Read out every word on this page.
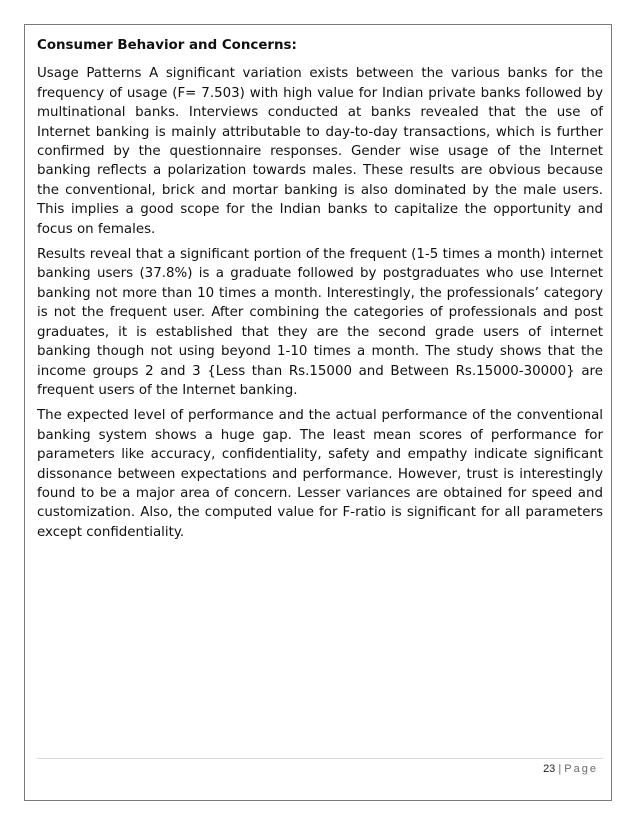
Consumer Behavior and Concerns:

Usage Patterns A significant variation exists between the various banks for the frequency of usage (F= 7.503) with high value for Indian private banks followed by multinational banks. Interviews conducted at banks revealed that the use of Internet banking is mainly attributable to day-to-day transactions, which is further confirmed by the questionnaire responses. Gender wise usage of the Internet banking reflects a polarization towards males. These results are obvious because the conventional, brick and mortar banking is also dominated by the male users. This implies a good scope for the Indian banks to capitalize the opportunity and focus on females.

Results reveal that a significant portion of the frequent (1-5 times a month) internet banking users (37.8%) is a graduate followed by postgraduates who use Internet banking not more than 10 times a month. Interestingly, the professionals’ category is not the frequent user. After combining the categories of professionals and post graduates, it is established that they are the second grade users of internet banking though not using beyond 1-10 times a month. The study shows that the income groups 2 and 3 {Less than Rs.15000 and Between Rs.15000-30000} are frequent users of the Internet banking.

The expected level of performance and the actual performance of the conventional banking system shows a huge gap. The least mean scores of performance for parameters like accuracy, confidentiality, safety and empathy indicate significant dissonance between expectations and performance. However, trust is interestingly found to be a major area of concern. Lesser variances are obtained for speed and customization. Also, the computed value for F-ratio is significant for all parameters except confidentiality.

23 | Page
